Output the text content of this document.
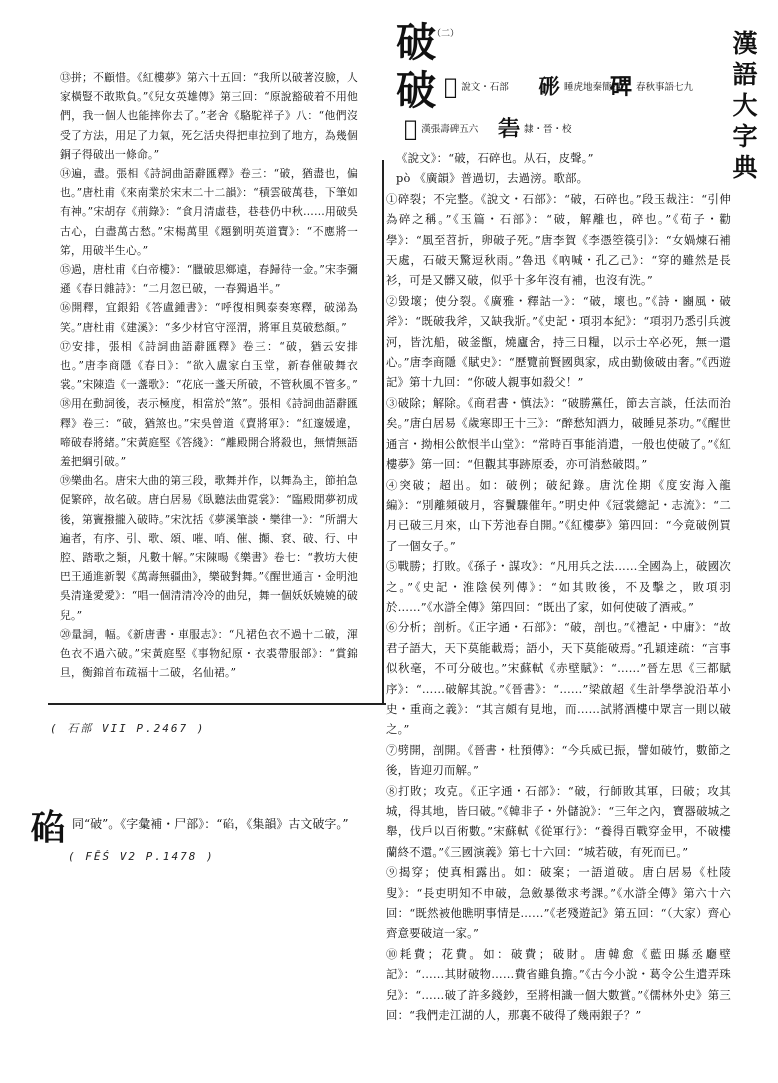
漢語大字典
破
（二）
破 𥐡 說文・石部 𥒱 睡虎地秦簡四
𥓓 春秋事語七九
𥐡 漢張壽碑五六 𥑦 隸・晉・校

⑬拼；不顧惜。《紅樓夢》第六十五回：“我所以破著沒臉，人家橫豎不敢欺負。”《兒女英雄傳》第三回：“原說豁破着不用他們，我一個人也能摔你去了。”老舍《駱駝祥子》八：“他們沒受了方法，用足了力氣，死乞活央得把車拉到了地方，為幾個銅子得破出一條命。”

⑭遍，盡。張相《詩詞曲語辭匯釋》卷三：“破，猶盡也，偏也。”唐杜甫《來南業於宋末二十二韻》：“積雲破萬巷，下筆如有神。”宋胡存《荊錄》：“食月清虛巷，巷巷仍中秋……用破吳古心，白盡萬古愁。”宋楊萬里《題劉明英道寶》：“不應將一笫，用破半生心。”

⑮過，唐杜甫《白帝樓》：“臘破思鄉遠，春歸待一金。”宋李彌遜《春日雜詩》：“二月忽已破，一春獨過半。”

⑯開釋，宜銀鉛《答盧鍾書》：“呼復相興泰奏寒釋，破涕為笑。”唐杜甫《建溪》：“多少材官守涇渭，將軍且莫破愁顏。”

⑰安排，張相《詩詞曲語辭匯釋》卷三：“破，猶云安排也。”唐李商隱《春日》：“欲入盧家白玉堂，新春催破舞衣裳。”宋陳造《一盞歌》：“花底一盞天所破，不管秋風不管多。”

⑱用在動詞後，表示極度，相當於“煞”。張相《詩詞曲語辭匯釋》卷三：“破，猶煞也。”宋吳曾道《賣將軍》：“紅邃媛違，啼破春將緒。”宋黃庭堅《答綫》：“離殿開合將殺也，無情無語羞把綱引破。”

⑲樂曲名。唐宋大曲的第三段，歌舞并作，以舞為主，節拍急促繁碎，故名破。唐白居易《臥聽法曲霓裳》：“臨殿閒夢初成後，第竇撥攏入破時。”宋沈括《夢溪筆談・樂律一》：“所謂大遍者，有序、引、歌、頌、嗺、哨、催、攧、袞、破、行、中腔、踏歌之類，凡數十解。”宋陳暘《樂書》卷七：“教坊大使巴王通進新製《萬壽無疆曲》，樂破對舞。”《醒世通言・金明池吳清逢愛愛》：“唱一個清清冷冷的曲兒，舞一個妖妖嬈嬈的破兒。”

⑳量詞，幅。《新唐書・車服志》：“凡裙色衣不過十二破，渾色衣不過六破。”宋黃庭堅《事物紀原・衣裘帶服部》：“賞錦旦，衡錦首布疏福十二破，名仙裙。”

( 石部 VII P.2467 )
𥓒 同“破”。《字彙補・尸部》：“𥓒，《集韻》古文破字。”
( FĒŚ V2 P.1478 )

《說文》：“破，石碎也。从石，皮聲。”

pò 《廣韻》普過切，去過滂。歌部。

①碎裂；不完整。《說文・石部》：“破，石碎也。”段玉裁注：“引伸為碎之稱。”《玉篇・石部》：“破，解離也，碎也。”《荀子・勸學》：“風至苕折，卵破子死。”唐李賀《李憑箜篌引》：“女媧煉石補天處，石破天驚逗秋雨。”魯迅《吶喊・孔乙己》：“穿的雖然是長衫，可是又髒又破，似乎十多年沒有補，也沒有洗。”

②毀壞；使分裂。《廣雅・釋詁一》：“破，壞也。”《詩・豳風・破斧》：“既破我斧，又缺我斨。”《史記・項羽本紀》：“項羽乃悉引兵渡河，皆沈船，破釜甑，燒廬舍，持三日糧，以示士卒必死，無一還心。”唐李商隱《賦史》：“歷覽前賢國與家，成由勤儉破由奢。”《西遊記》第十九回：“你破人親事如殺父！”

③破除；解除。《商君書・慎法》：“破勝黨任，節去言談，任法而治矣。”唐白居易《歲寒即王十三》：“醉愁知酒力，破睡見茶功。”《醒世通言・拗相公飲恨半山堂》：“常時百事能消遣，一般也使破了。”《紅樓夢》第一回：“但觀其事跡原委，亦可消愁破悶。”

④突破；超出。如：破例；破紀錄。唐沈佺期《度安海入龍編》：“別離頻破月，容鬢驟催年。”明史仲《冠裳總記・志流》：“二月已破三月來，山下芳池春自開。”《紅樓夢》第四回：“今竟破例買了一個女子。”

⑤戰勝；打敗。《孫子・謀攻》：“凡用兵之法……全國為上，破國次之。”《史記・淮陰侯列傳》：“如其敗後，不及擊之，敗項羽於……”《水滸全傳》第四回：“既出了家，如何使破了酒戒。”

⑥分析；剖析。《正字通・石部》：“破，剖也。”《禮記・中庸》：“故君子語大，天下莫能載焉；語小，天下莫能破焉。”孔穎達疏：“言事似秋毫，不可分破也。”宋蘇軾《赤壁賦》：“……”晉左思《三都賦序》：“……破解其說。”《晉書》：“……”梁啟超《生計學學說沿革小史・重商之義》：“其言頗有見地，而……試將酒樓中眾言一則以破之。”

⑦劈開，剖開。《晉書・杜預傳》：“今兵威已振，譬如破竹，數節之後，皆迎刃而解。”

⑧打敗；攻克。《正字通・石部》：“破，行師敗其軍，曰破；攻其城，得其地，皆曰破。”《韓非子・外儲說》：“三年之內，寶器破城之舉，伐戶以百術數。”宋蘇軾《從軍行》：“養得百戰穿金甲，不破樓蘭終不還。”《三國演義》第七十六回：“城若破，有死而已。”

⑨揭穿；使真相露出。如：破案；一語道破。唐白居易《杜陵叟》：“長吏明知不申破，急斂暴徵求考課。”《水滸全傳》第六十六回：“既然被他瞧明事情是……”《老殘遊記》第五回：“（大家）齊心齊意要破這一家。”

⑩耗費；花費。如：破費；破財。唐韓愈《藍田縣丞廳壁記》：“……其財破物……費省雖負擔。”《古今小說・葛令公生遣弄珠兒》：“……破了許多錢鈔，至將相識一個大數賞。”《儒林外史》第三回：“我們走江湖的人，那裏不破得了幾兩銀子？”
